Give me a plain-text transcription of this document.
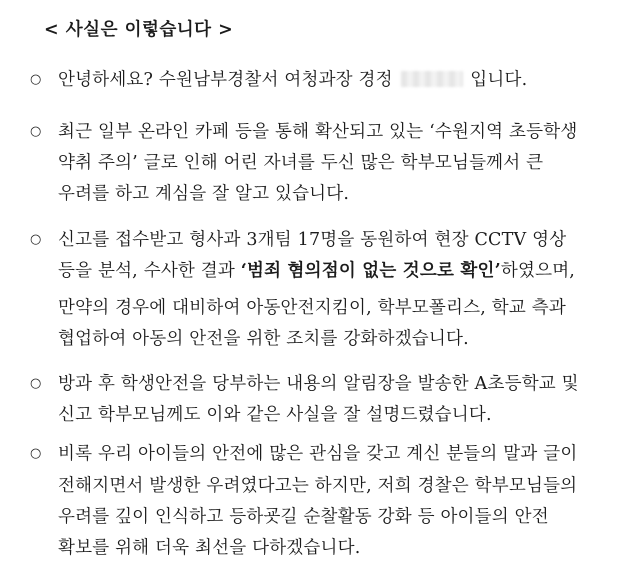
< 사실은 이렇습니다 >
○ 안녕하세요? 수원남부경찰서 여청과장 경정	입니다.
○ 최근 일부 온라인 카페 등을 통해 확산되고 있는 ‘수원지역 초등학생
약취 주의’ 글로 인해 어린 자녀를 두신 많은 학부모님들께서 큰
우려를 하고 계심을 잘 알고 있습니다.
○ 신고를 접수받고 형사과 3개팀 17명을 동원하여 현장 CCTV 영상
등을 분석, 수사한 결과 ‘범죄 혐의점이 없는 것으로 확인’하였으며,
만약의 경우에 대비하여 아동안전지킴이, 학부모폴리스, 학교 측과
협업하여 아동의 안전을 위한 조치를 강화하겠습니다.
○ 방과 후 학생안전을 당부하는 내용의 알림장을 발송한 A초등학교 및
신고 학부모님께도 이와 같은 사실을 잘 설명드렸습니다.
○ 비록 우리 아이들의 안전에 많은 관심을 갖고 계신 분들의 말과 글이
전해지면서 발생한 우려였다고는 하지만, 저희 경찰은 학부모님들의
우려를 깊이 인식하고 등하굣길 순찰활동 강화 등 아이들의 안전
확보를 위해 더욱 최선을 다하겠습니다.
